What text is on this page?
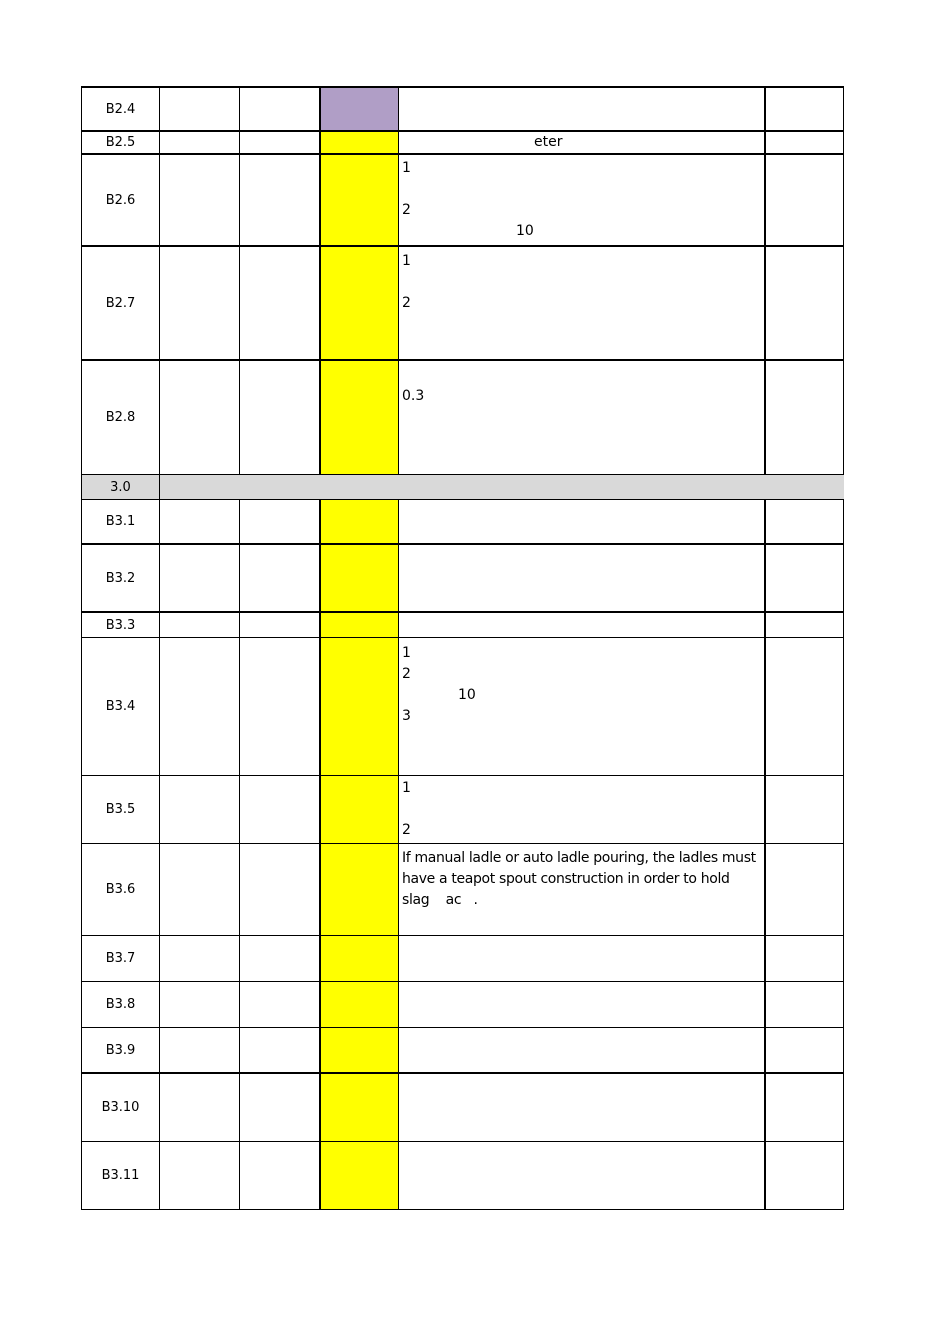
B2.4
B2.5	eter
B2.6
1
2
10
B2.7
1
2
B2.8
0.3
3.0
B3.1
B3.2
B3.3
B3.4
1
2
10
3
B3.5
1
2
B3.6
If manual ladle or auto ladle pouring, the ladles must have a teapot spout construction in order to hold slag    ac   .
B3.7
B3.8
B3.9
B3.10
B3.11
